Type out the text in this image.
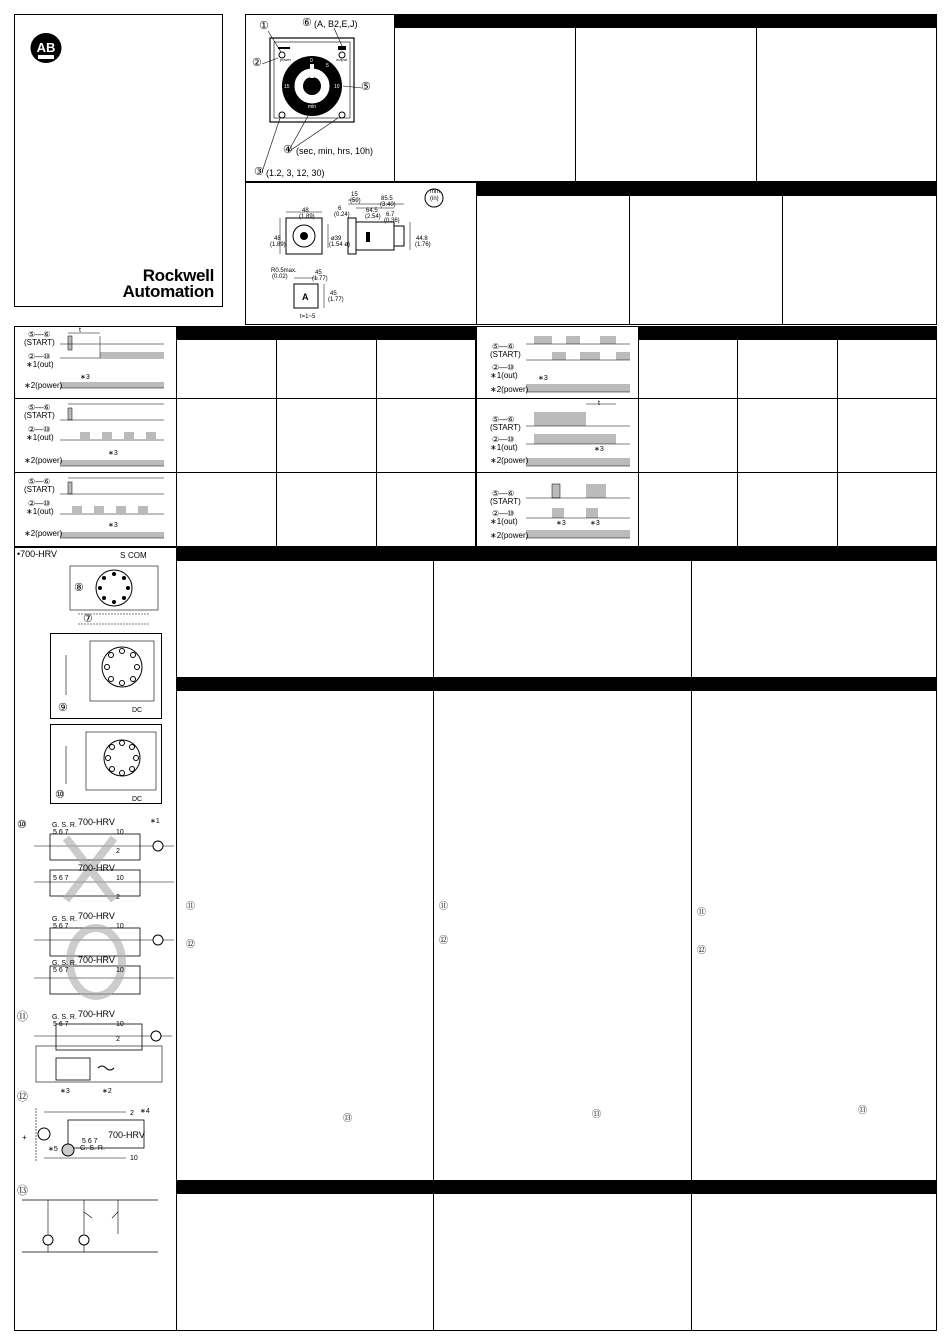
AB
Rockwell
Automation
power	output
min
0
5
10
15
①
②
⑤
⑥ (A, B2,E,J)
④ (sec, min, hrs, 10h)
③ (1.2, 3, 12, 30)
48
(1.89)
48
(1.89)
ø39
(1.54 ø)
15
(59)
6
(0.24)
64.5
(2.54)
85.5
(3.40)
6.7
(0.36)
44.8
(1.76)
45
(1.77)
R0.5max.
(0.02)
45
(1.77)
A
t=1~5
mm
(in)
t
⑤—⑥
(START)
②—⑩
∗1(out)
∗2(power)
∗3
⑤—⑥
(START)
②—⑩
∗1(out)
∗2(power)
∗3
⑤—⑥
(START)
②—⑩
∗1(out)
∗2(power)
∗3
⑤—⑥
(START)
②—⑩
∗1(out)
∗2(power)
∗3
t
⑤—⑥
(START)
②—⑩
∗1(out)
∗2(power)
∗3
⑤—⑥
(START)
②—⑩
∗1(out)
∗2(power)
∗3	∗3
⑪
⑫
⑬
⑪
⑫
⑬
⑪
⑫
⑬
•700-HRV	S COM
⑧
⑦
⑨	DC
⑩	DC
⑩	G. S. R.
5 6 7
700-HRV
10
2
∗1
700-HRV
5 6 7	10
2
G. S. R.
5 6 7
700-HRV
10
700-HRV
G. S. R.
5 6 7	10
⑪	G. S. R.
5 6 7
700-HRV
10
2
∗3	∗2
⑫
+	700-HRV
5 6 7
G. S. R.
2 ∗4
10
∗5
⑬
